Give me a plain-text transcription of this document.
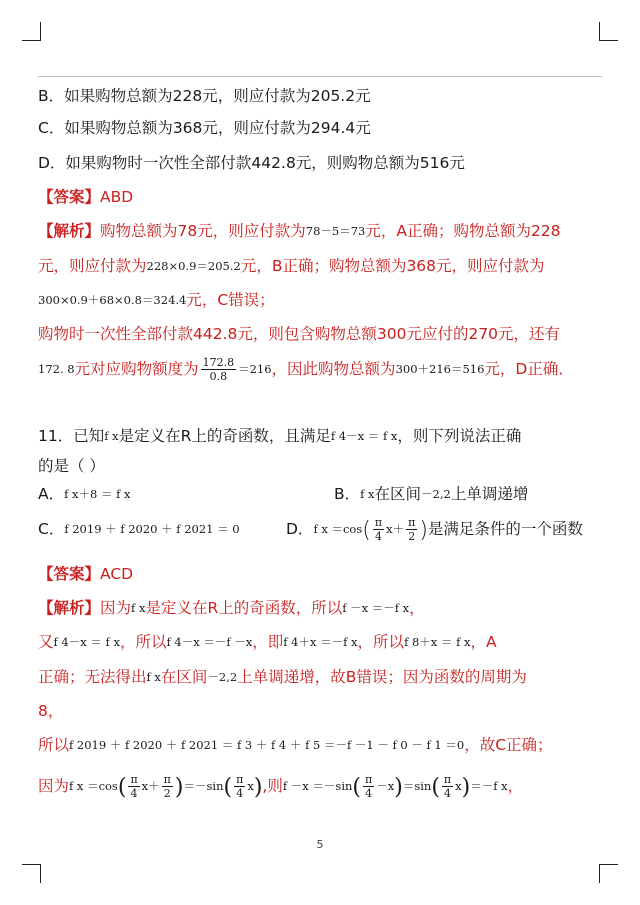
B．如果购物总额为228元，则应付款为205.2元
C．如果购物总额为368元，则应付款为294.4元
D．如果购物时一次性全部付款442.8元，则购物总额为516元
【答案】ABD
【解析】购物总额为78元，则应付款为78－5＝73元，A正确；购物总额为228
元，则应付款为228×0.9＝205.2元，B正确；购物总额为368元，则应付款为
300×0.9＋68×0.8＝324.4元，C错误；
购物时一次性全部付款442.8元，则包含购物总额300元应付的270元，还有
172. 8元对应购物额度为 $\frac{172.8}{0.8} =216$，因此购物总额为300＋216＝516元，D正确．
11．已知f x是定义在R上的奇函数，且满足f 4－x ＝ f x，则下列说法正确
的是（ ）
A．f x＋8 ＝ f x	B．f x在区间－2,2上单调递增
C．f 2019 ＋ f 2020 ＋ f 2021 ＝ 0	D．f $x =\cos( \frac{\pi}{4} x+ \frac{\pi}{2}$ )是满足条件的一个函数
【答案】ACD
【解析】因为f x是定义在R上的奇函数，所以f －x ＝－f x，
又f 4－x ＝ f x，所以f 4－x ＝－f －x，即f 4＋x ＝－f x，所以f 8＋x ＝ f x，A
正确；无法得出f x在区间－2,2上单调递增，故B错误；因为函数的周期为
8，
所以f 2019 ＋ f 2020 ＋ f 2021 ＝ f 3 ＋ f 4 ＋ f 5 ＝－f －1 － f 0 － f 1 ＝0，故C正确；
因为f $x =\cos( \frac{\pi}{4} x+ \frac{\pi}{2} )=-\sin( \frac{\pi}{4} x)$,则$f -x =-\sin( \frac{\pi}{4} -x)=\sin( \frac{\pi}{4} x)=-f$ x，
5
